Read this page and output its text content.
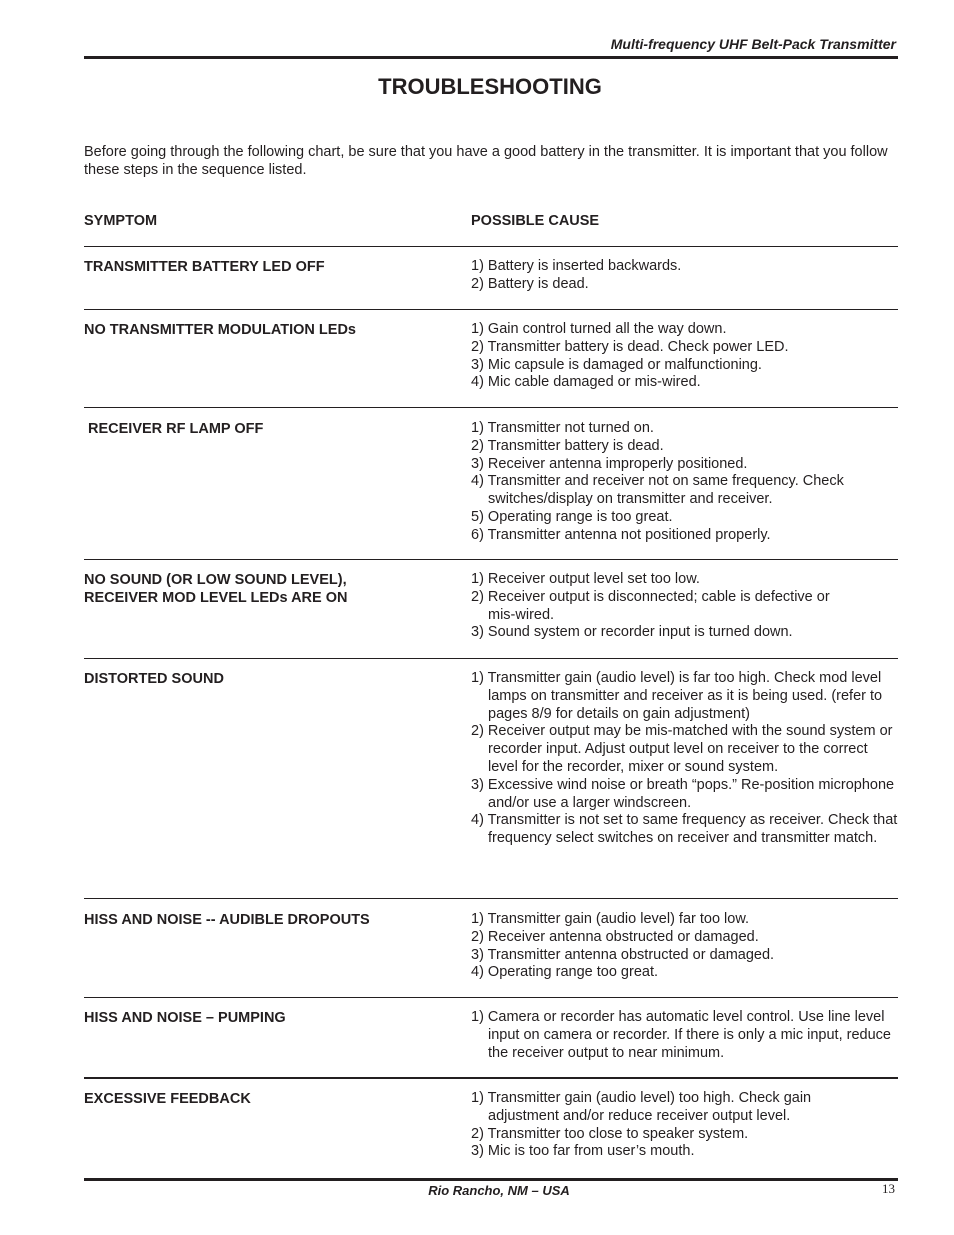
Multi-frequency UHF Belt-Pack Transmitter
TROUBLESHOOTING
Before going through the following chart, be sure that you have a good battery in the transmitter. It is important that you follow these steps in the sequence listed.
SYMPTOM	POSSIBLE CAUSE
TRANSMITTER BATTERY LED OFF	1) Battery is inserted backwards.
2) Battery is dead.
NO TRANSMITTER MODULATION LEDs	1) Gain control turned all the way down.
2) Transmitter battery is dead. Check power LED.
3) Mic capsule is damaged or malfunctioning.
4) Mic cable damaged or mis-wired.
RECEIVER RF LAMP OFF	1) Transmitter not turned on.
2) Transmitter battery is dead.
3) Receiver antenna improperly positioned.
4) Transmitter and receiver not on same frequency. Check switches/display on transmitter and receiver.
5) Operating range is too great.
6) Transmitter antenna not positioned properly.
NO SOUND (OR LOW SOUND LEVEL), RECEIVER MOD LEVEL LEDs ARE ON
1) Receiver output level set too low.
2) Receiver output is disconnected; cable is defective or mis-wired.
3) Sound system or recorder input is turned down.
DISTORTED SOUND	1) Transmitter gain (audio level) is far too high. Check mod level lamps on transmitter and receiver as it is being used. (refer to pages 8/9 for details on gain adjustment)
2) Receiver output may be mis-matched with the sound system or recorder input. Adjust output level on receiver to the correct level for the recorder, mixer or sound system.
3) Excessive wind noise or breath “pops.” Re-position microphone and/or use a larger windscreen.
4) Transmitter is not set to same frequency as receiver. Check that frequency select switches on receiver and transmitter match.
HISS AND NOISE -- AUDIBLE DROPOUTS	1) Transmitter gain (audio level) far too low.
2) Receiver antenna obstructed or damaged.
3) Transmitter antenna obstructed or damaged.
4) Operating range too great.
HISS AND NOISE – PUMPING	1) Camera or recorder has automatic level control. Use line level input on camera or recorder. If there is only a mic input, reduce the receiver output to near minimum.
EXCESSIVE FEEDBACK	1) Transmitter gain (audio level) too high. Check gain adjustment and/or reduce receiver output level.
2) Transmitter too close to speaker system.
3) Mic is too far from user’s mouth.
Rio Rancho, NM – USA	13
